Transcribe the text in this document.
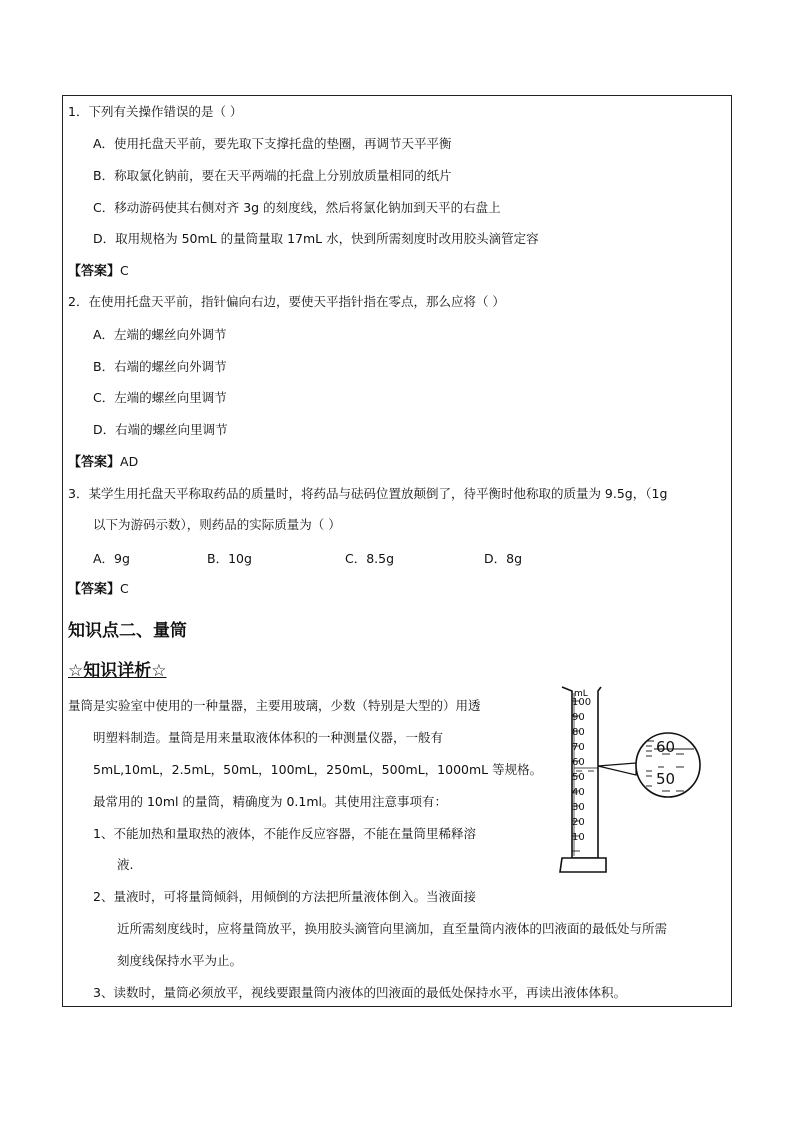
1．下列有关操作错误的是（ ）
A．使用托盘天平前，要先取下支撑托盘的垫圈，再调节天平平衡
B．称取氯化钠前，要在天平两端的托盘上分别放质量相同的纸片
C．移动游码使其右侧对齐 3g 的刻度线，然后将氯化钠加到天平的右盘上
D．取用规格为 50mL 的量筒量取 17mL 水，快到所需刻度时改用胶头滴管定容
【答案】C
2．在使用托盘天平前，指针偏向右边，要使天平指针指在零点，那么应将（ ）
A．左端的螺丝向外调节
B．右端的螺丝向外调节
C．左端的螺丝向里调节
D．右端的螺丝向里调节
【答案】AD
3．某学生用托盘天平称取药品的质量时，将药品与砝码位置放颠倒了，待平衡时他称取的质量为 9.5g，（1g
以下为游码示数），则药品的实际质量为（ ）
A．9g	B．10g	C．8.5g	D．8g
【答案】C
知识点二、量筒
☆知识详析☆
量筒是实验室中使用的一种量器，主要用玻璃，少数（特别是大型的）用透
明塑料制造。量筒是用来量取液体体积的一种测量仪器，一般有
5mL,10mL，2.5mL，50mL，100mL，250mL，500mL，1000mL 等规格。
最常用的 10ml 的量筒，精确度为 0.1ml。其使用注意事项有：
1、不能加热和量取热的液体，不能作反应容器，不能在量筒里稀释溶
液.
2、量液时，可将量筒倾斜，用倾倒的方法把所量液体倒入。当液面接
近所需刻度线时，应将量筒放平，换用胶头滴管向里滴加，直至量筒内液体的凹液面的最低处与所需
刻度线保持水平为止。
3、读数时，量筒必须放平，视线要跟量筒内液体的凹液面的最低处保持水平，再读出液体体积。
mL
100
90
80
70
60
50
40
30
20
10
60
50
